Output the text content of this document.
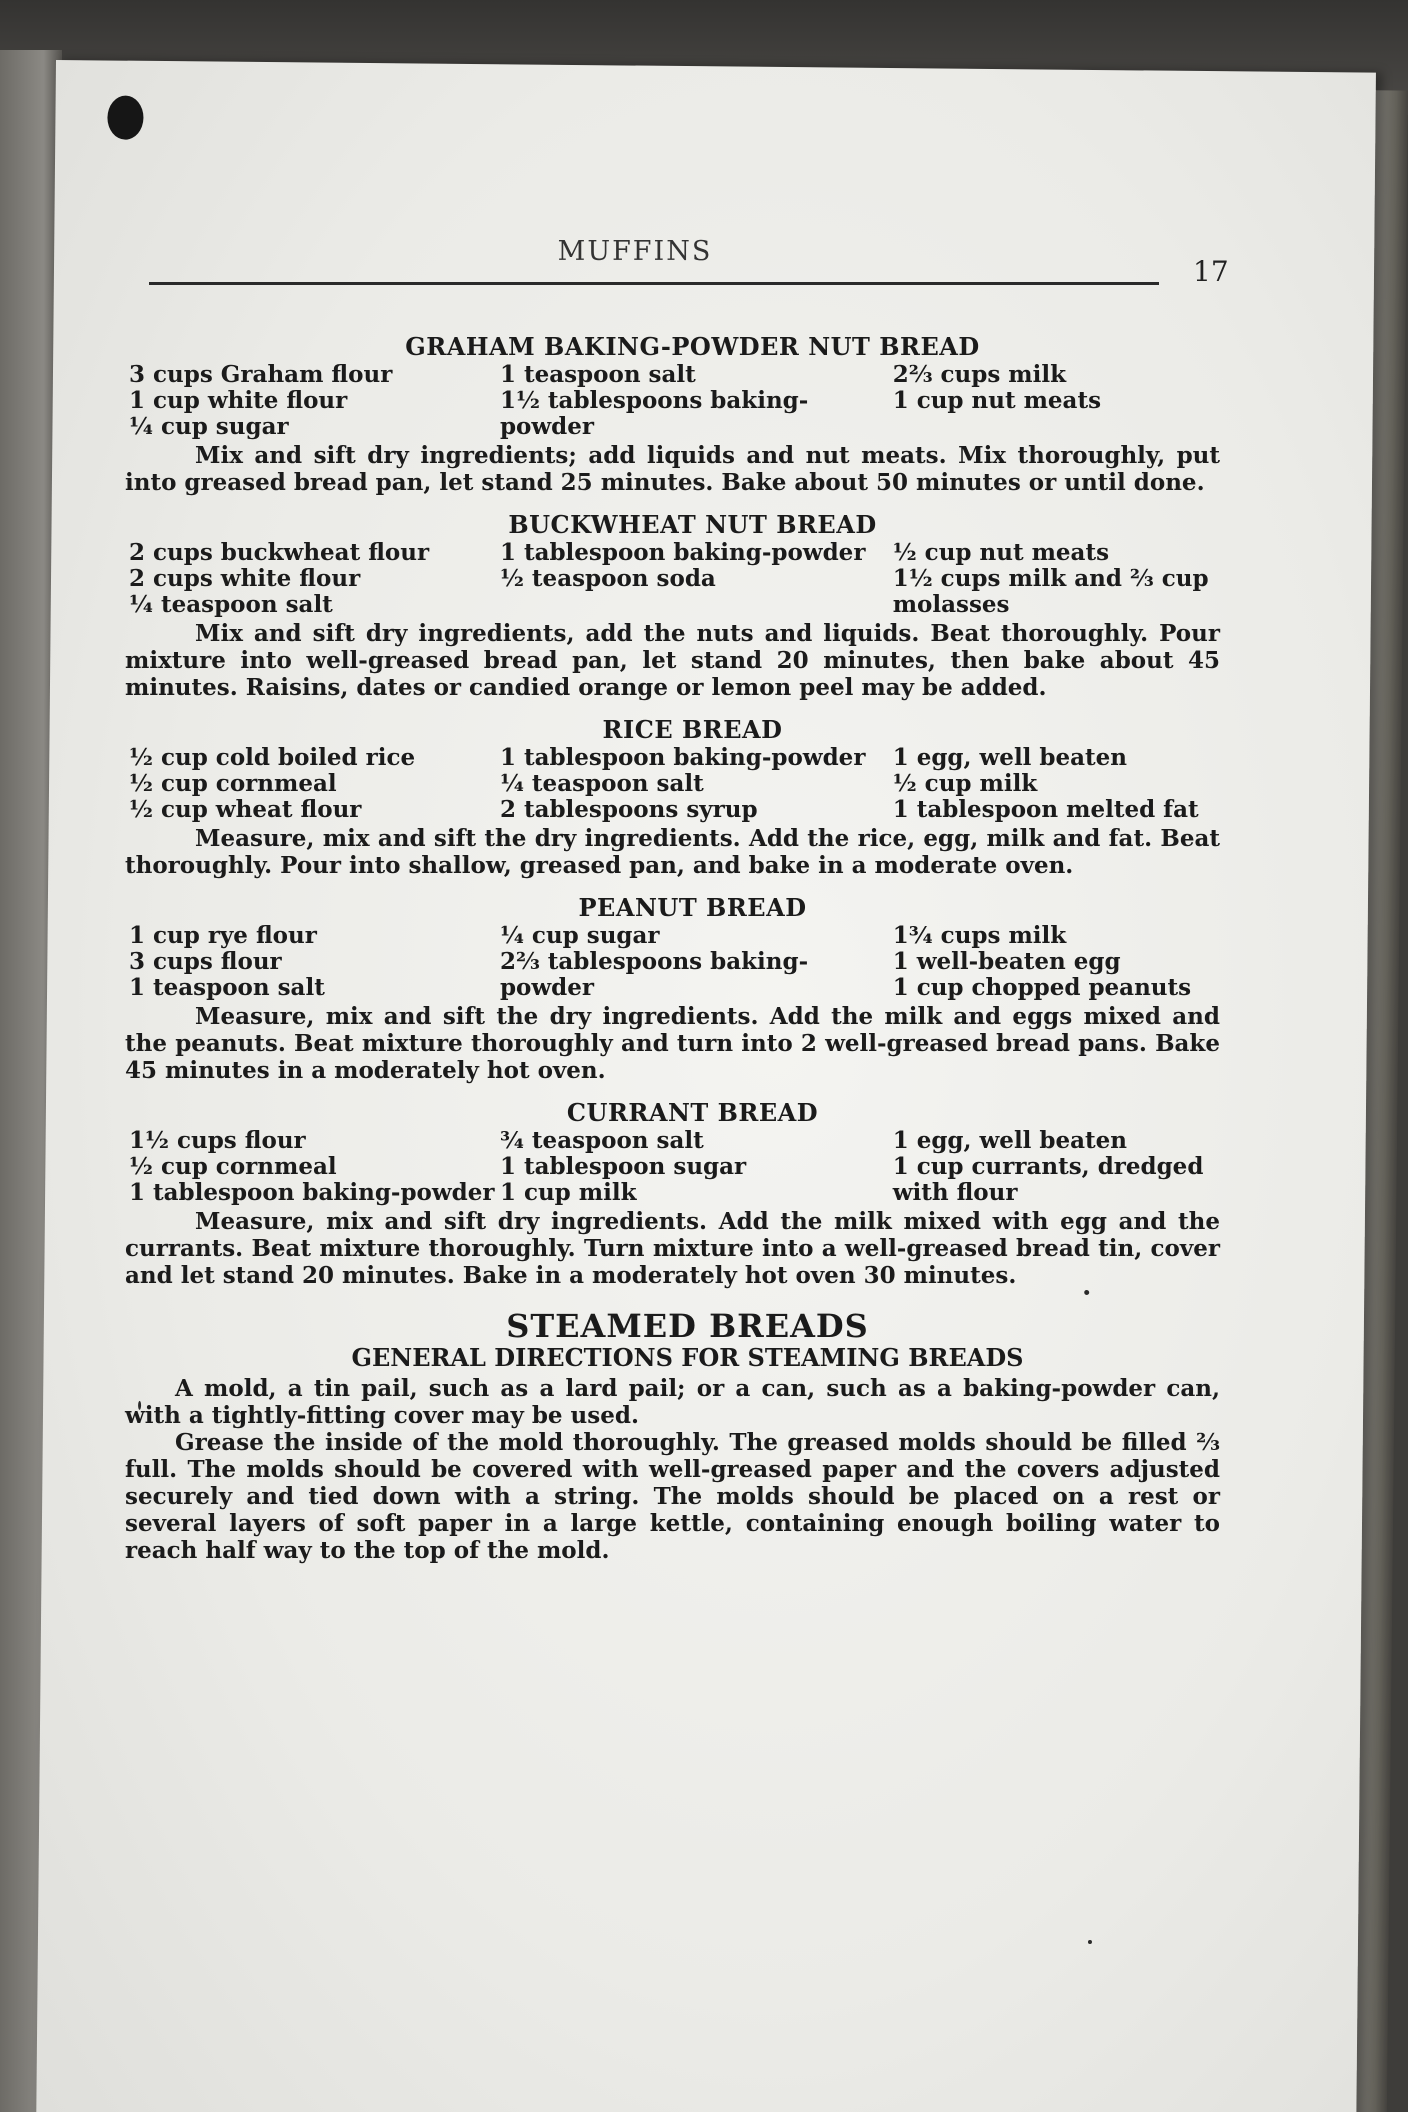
MUFFINS
17
GRAHAM BAKING-POWDER NUT BREAD
3 cups Graham flour
1 cup white flour
¼ cup sugar
1 teaspoon salt
1½ tablespoons baking-powder
2⅔ cups milk
1 cup nut meats

Mix and sift dry ingredients; add liquids and nut meats. Mix thoroughly, put into greased bread pan, let stand 25 minutes. Bake about 50 minutes or until done.

BUCKWHEAT NUT BREAD
2 cups buckwheat flour
2 cups white flour
¼ teaspoon salt
1 tablespoon baking-powder
½ teaspoon soda
½ cup nut meats
1½ cups milk and ⅔ cup molasses

Mix and sift dry ingredients, add the nuts and liquids. Beat thoroughly. Pour mixture into well-greased bread pan, let stand 20 minutes, then bake about 45 minutes. Raisins, dates or candied orange or lemon peel may be added.

RICE BREAD
½ cup cold boiled rice
½ cup cornmeal
½ cup wheat flour
1 tablespoon baking-powder
¼ teaspoon salt
2 tablespoons syrup
1 egg, well beaten
½ cup milk
1 tablespoon melted fat

Measure, mix and sift the dry ingredients. Add the rice, egg, milk and fat. Beat thoroughly. Pour into shallow, greased pan, and bake in a moderate oven.

PEANUT BREAD
1 cup rye flour
3 cups flour
1 teaspoon salt
¼ cup sugar
2⅔ tablespoons baking-powder
1¾ cups milk
1 well-beaten egg
1 cup chopped peanuts

Measure, mix and sift the dry ingredients. Add the milk and eggs mixed and the peanuts. Beat mixture thoroughly and turn into 2 well-greased bread pans. Bake 45 minutes in a moderately hot oven.

CURRANT BREAD
1½ cups flour
½ cup cornmeal
1 tablespoon baking-powder
¾ teaspoon salt
1 tablespoon sugar
1 cup milk
1 egg, well beaten
1 cup currants, dredged with flour

Measure, mix and sift dry ingredients. Add the milk mixed with egg and the currants. Beat mixture thoroughly. Turn mixture into a well-greased bread tin, cover and let stand 20 minutes. Bake in a moderately hot oven 30 minutes.

STEAMED BREADS
GENERAL DIRECTIONS FOR STEAMING BREADS

A mold, a tin pail, such as a lard pail; or a can, such as a baking-powder can, with a tightly-fitting cover may be used.

Grease the inside of the mold thoroughly. The greased molds should be filled ⅔ full. The molds should be covered with well-greased paper and the covers adjusted securely and tied down with a string. The molds should be placed on a rest or several layers of soft paper in a large kettle, containing enough boiling water to reach half way to the top of the mold.
